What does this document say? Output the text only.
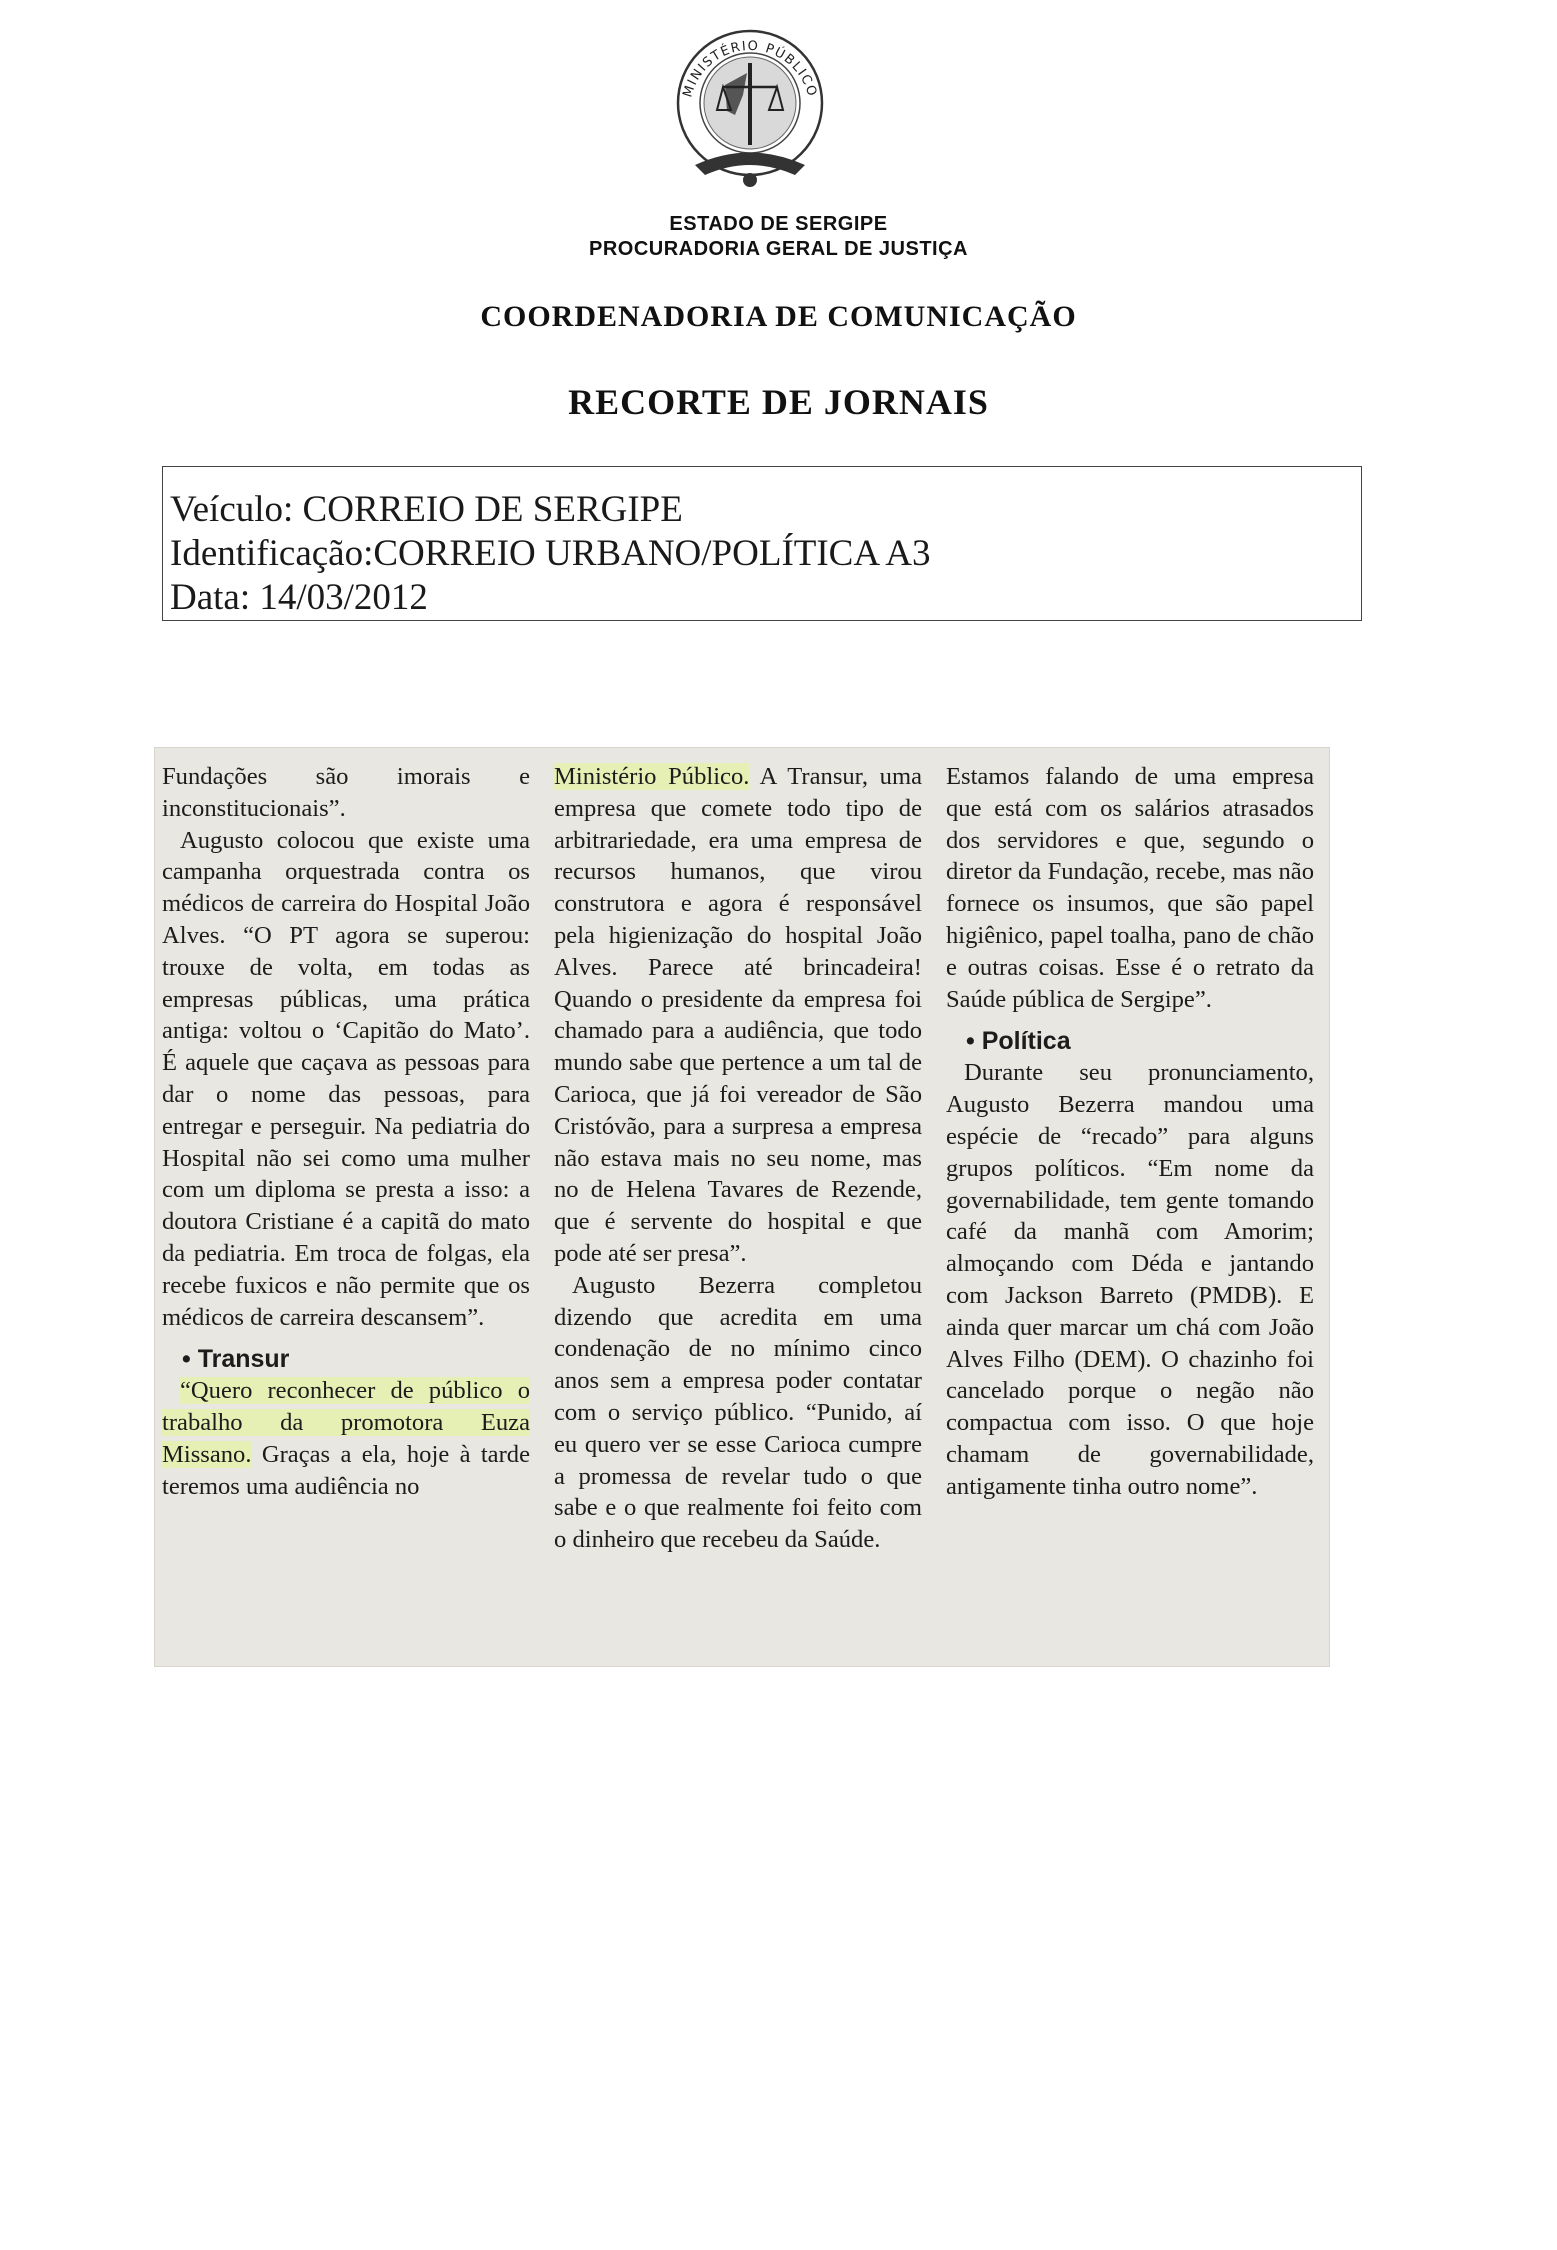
MINISTÉRIO PÚBLICO
ESTADO DE SERGIPE
PROCURADORIA GERAL DE JUSTIÇA
COORDENADORIA DE COMUNICAÇÃO
RECORTE DE JORNAIS
Veículo: CORREIO DE SERGIPE
Identificação:CORREIO URBANO/POLÍTICA A3
Data: 14/03/2012

Fundações são imorais e inconstitucionais”.

Augusto colocou que existe uma campanha orquestrada contra os médicos de carreira do Hospital João Alves. “O PT agora se superou: trouxe de volta, em todas as empresas públicas, uma prática antiga: voltou o ‘Capitão do Mato’. É aquele que caçava as pessoas para dar o nome das pessoas, para entregar e perseguir. Na pediatria do Hospital não sei como uma mulher com um diploma se presta a isso: a doutora Cristiane é a capitã do mato da pediatria. Em troca de folgas, ela recebe fuxicos e não permite que os médicos de carreira descansem”.

• Transur

“Quero reconhecer de público o trabalho da promotora Euza Missano. Graças a ela, hoje à tarde teremos uma audiência no

Ministério Público. A Transur, uma empresa que comete todo tipo de arbitrariedade, era uma empresa de recursos humanos, que virou construtora e agora é responsável pela higienização do hospital João Alves. Parece até brincadeira! Quando o presidente da empresa foi chamado para a audiência, que todo mundo sabe que pertence a um tal de Carioca, que já foi vereador de São Cristóvão, para a surpresa a empresa não estava mais no seu nome, mas no de Helena Tavares de Rezende, que é servente do hospital e que pode até ser presa”.

Augusto Bezerra completou dizendo que acredita em uma condenação de no mínimo cinco anos sem a empresa poder contatar com o serviço público. “Punido, aí eu quero ver se esse Carioca cumpre a promessa de revelar tudo o que sabe e o que realmente foi feito com o dinheiro que recebeu da Saúde.

Estamos falando de uma empresa que está com os salários atrasados dos servidores e que, segundo o diretor da Fundação, recebe, mas não fornece os insumos, que são papel higiênico, papel toalha, pano de chão e outras coisas. Esse é o retrato da Saúde pública de Sergipe”.

• Política

Durante seu pronunciamento, Augusto Bezerra mandou uma espécie de “recado” para alguns grupos políticos. “Em nome da governabilidade, tem gente tomando café da manhã com Amorim; almoçando com Déda e jantando com Jackson Barreto (PMDB). E ainda quer marcar um chá com João Alves Filho (DEM). O chazinho foi cancelado porque o negão não compactua com isso. O que hoje chamam de governabilidade, antigamente tinha outro nome”.
